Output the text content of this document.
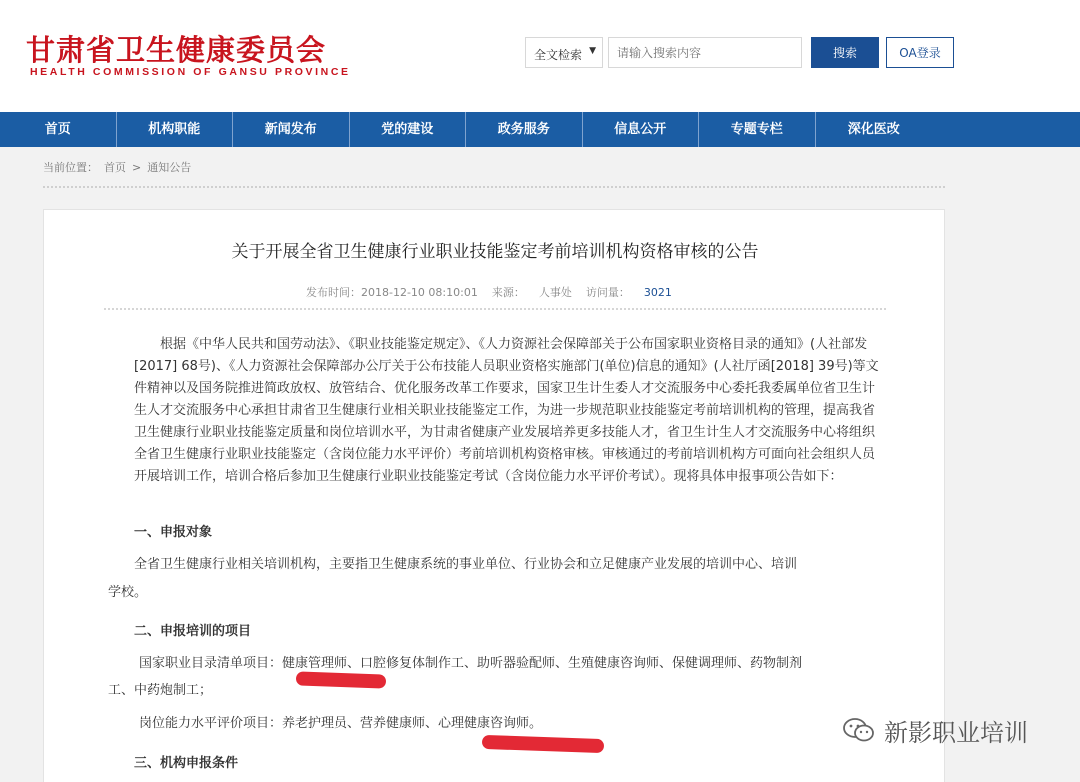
甘肃省卫生健康委员会
HEALTH COMMISSION OF GANSU PROVINCE
全文检索 ▼
请输入搜索内容	搜索	OA登录
首页	机构职能	新闻发布	党的建设	政务服务	信息公开	专题专栏	深化医改
当前位置： 首页 > 通知公告
关于开展全省卫生健康行业职业技能鉴定考前培训机构资格审核的公告
发布时间：2018-12-10 08:10:01 来源： 人事处 访问量： 3021

根据《中华人民共和国劳动法》、《职业技能鉴定规定》、《人力资源社会保障部关于公布国家职业资格目录的通知》(人社部发[2017] 68号)、《人力资源社会保障部办公厅关于公布技能人员职业资格实施部门(单位)信息的通知》(人社厅函[2018] 39号)等文件精神以及国务院推进简政放权、放管结合、优化服务改革工作要求，国家卫生计生委人才交流服务中心委托我委属单位省卫生计生人才交流服务中心承担甘肃省卫生健康行业相关职业技能鉴定工作，为进一步规范职业技能鉴定考前培训机构的管理，提高我省卫生健康行业职业技能鉴定质量和岗位培训水平，为甘肃省健康产业发展培养更多技能人才，省卫生计生人才交流服务中心将组织全省卫生健康行业职业技能鉴定（含岗位能力水平评价）考前培训机构资格审核。审核通过的考前培训机构方可面向社会组织人员开展培训工作，培训合格后参加卫生健康行业职业技能鉴定考试（含岗位能力水平评价考试）。现将具体申报事项公告如下：

一、申报对象
全省卫生健康行业相关培训机构，主要指卫生健康系统的事业单位、行业协会和立足健康产业发展的培训中心、培训
学校。
二、申报培训的项目
国家职业目录清单项目：健康管理师、口腔修复体制作工、助听器验配师、生殖健康咨询师、保健调理师、药物制剂
工、中药炮制工；
岗位能力水平评价项目：养老护理员、营养健康师、心理健康咨询师。
三、机构申报条件
新影职业培训
